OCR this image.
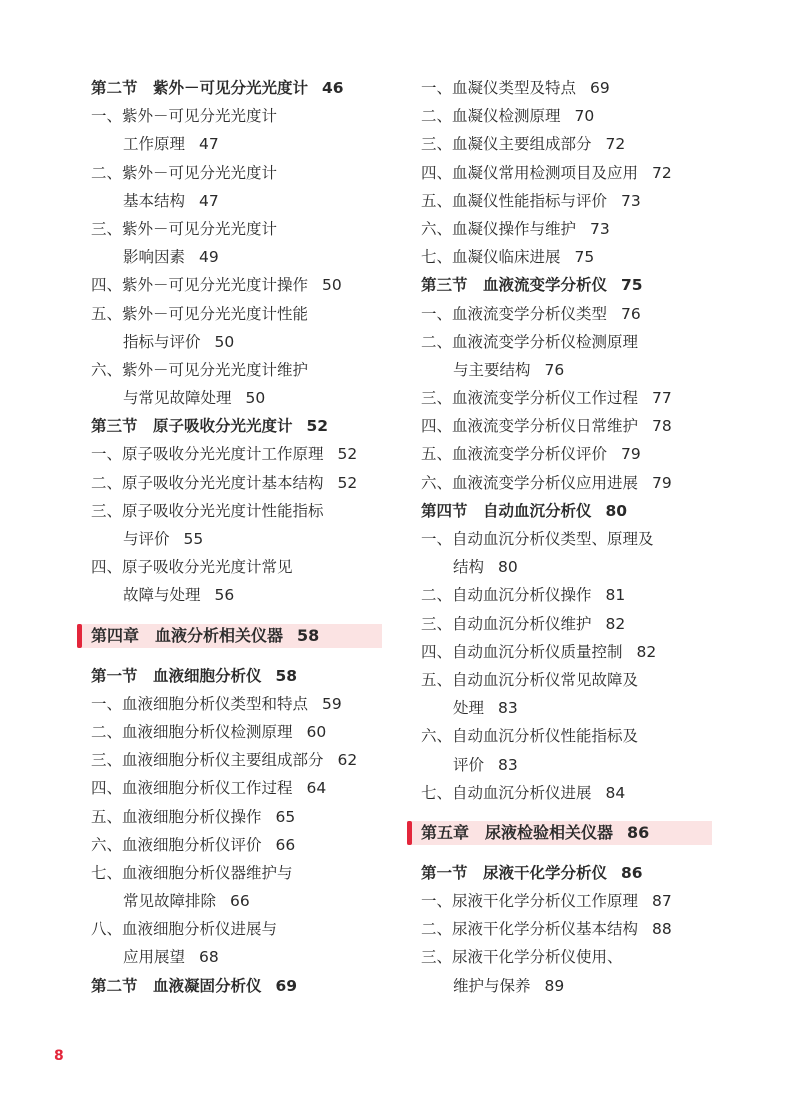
第二节　紫外－可见分光光度计 46
一、紫外－可见分光光度计
工作原理 47
二、紫外－可见分光光度计
基本结构 47
三、紫外－可见分光光度计
影响因素 49
四、紫外－可见分光光度计操作 50
五、紫外－可见分光光度计性能
指标与评价 50
六、紫外－可见分光光度计维护
与常见故障处理 50
第三节　原子吸收分光光度计 52
一、原子吸收分光光度计工作原理 52
二、原子吸收分光光度计基本结构 52
三、原子吸收分光光度计性能指标
与评价 55
四、原子吸收分光光度计常见
故障与处理 56
第四章　血液分析相关仪器 58
第一节　血液细胞分析仪 58
一、血液细胞分析仪类型和特点 59
二、血液细胞分析仪检测原理 60
三、血液细胞分析仪主要组成部分 62
四、血液细胞分析仪工作过程 64
五、血液细胞分析仪操作 65
六、血液细胞分析仪评价 66
七、血液细胞分析仪器维护与
常见故障排除 66
八、血液细胞分析仪进展与
应用展望 68
第二节　血液凝固分析仪 69
一、血凝仪类型及特点 69
二、血凝仪检测原理 70
三、血凝仪主要组成部分 72
四、血凝仪常用检测项目及应用 72
五、血凝仪性能指标与评价 73
六、血凝仪操作与维护 73
七、血凝仪临床进展 75
第三节　血液流变学分析仪 75
一、血液流变学分析仪类型 76
二、血液流变学分析仪检测原理
与主要结构 76
三、血液流变学分析仪工作过程 77
四、血液流变学分析仪日常维护 78
五、血液流变学分析仪评价 79
六、血液流变学分析仪应用进展 79
第四节　自动血沉分析仪 80
一、自动血沉分析仪类型、原理及
结构 80
二、自动血沉分析仪操作 81
三、自动血沉分析仪维护 82
四、自动血沉分析仪质量控制 82
五、自动血沉分析仪常见故障及
处理 83
六、自动血沉分析仪性能指标及
评价 83
七、自动血沉分析仪进展 84
第五章　尿液检验相关仪器 86
第一节　尿液干化学分析仪 86
一、尿液干化学分析仪工作原理 87
二、尿液干化学分析仪基本结构 88
三、尿液干化学分析仪使用、
维护与保养 89
8
